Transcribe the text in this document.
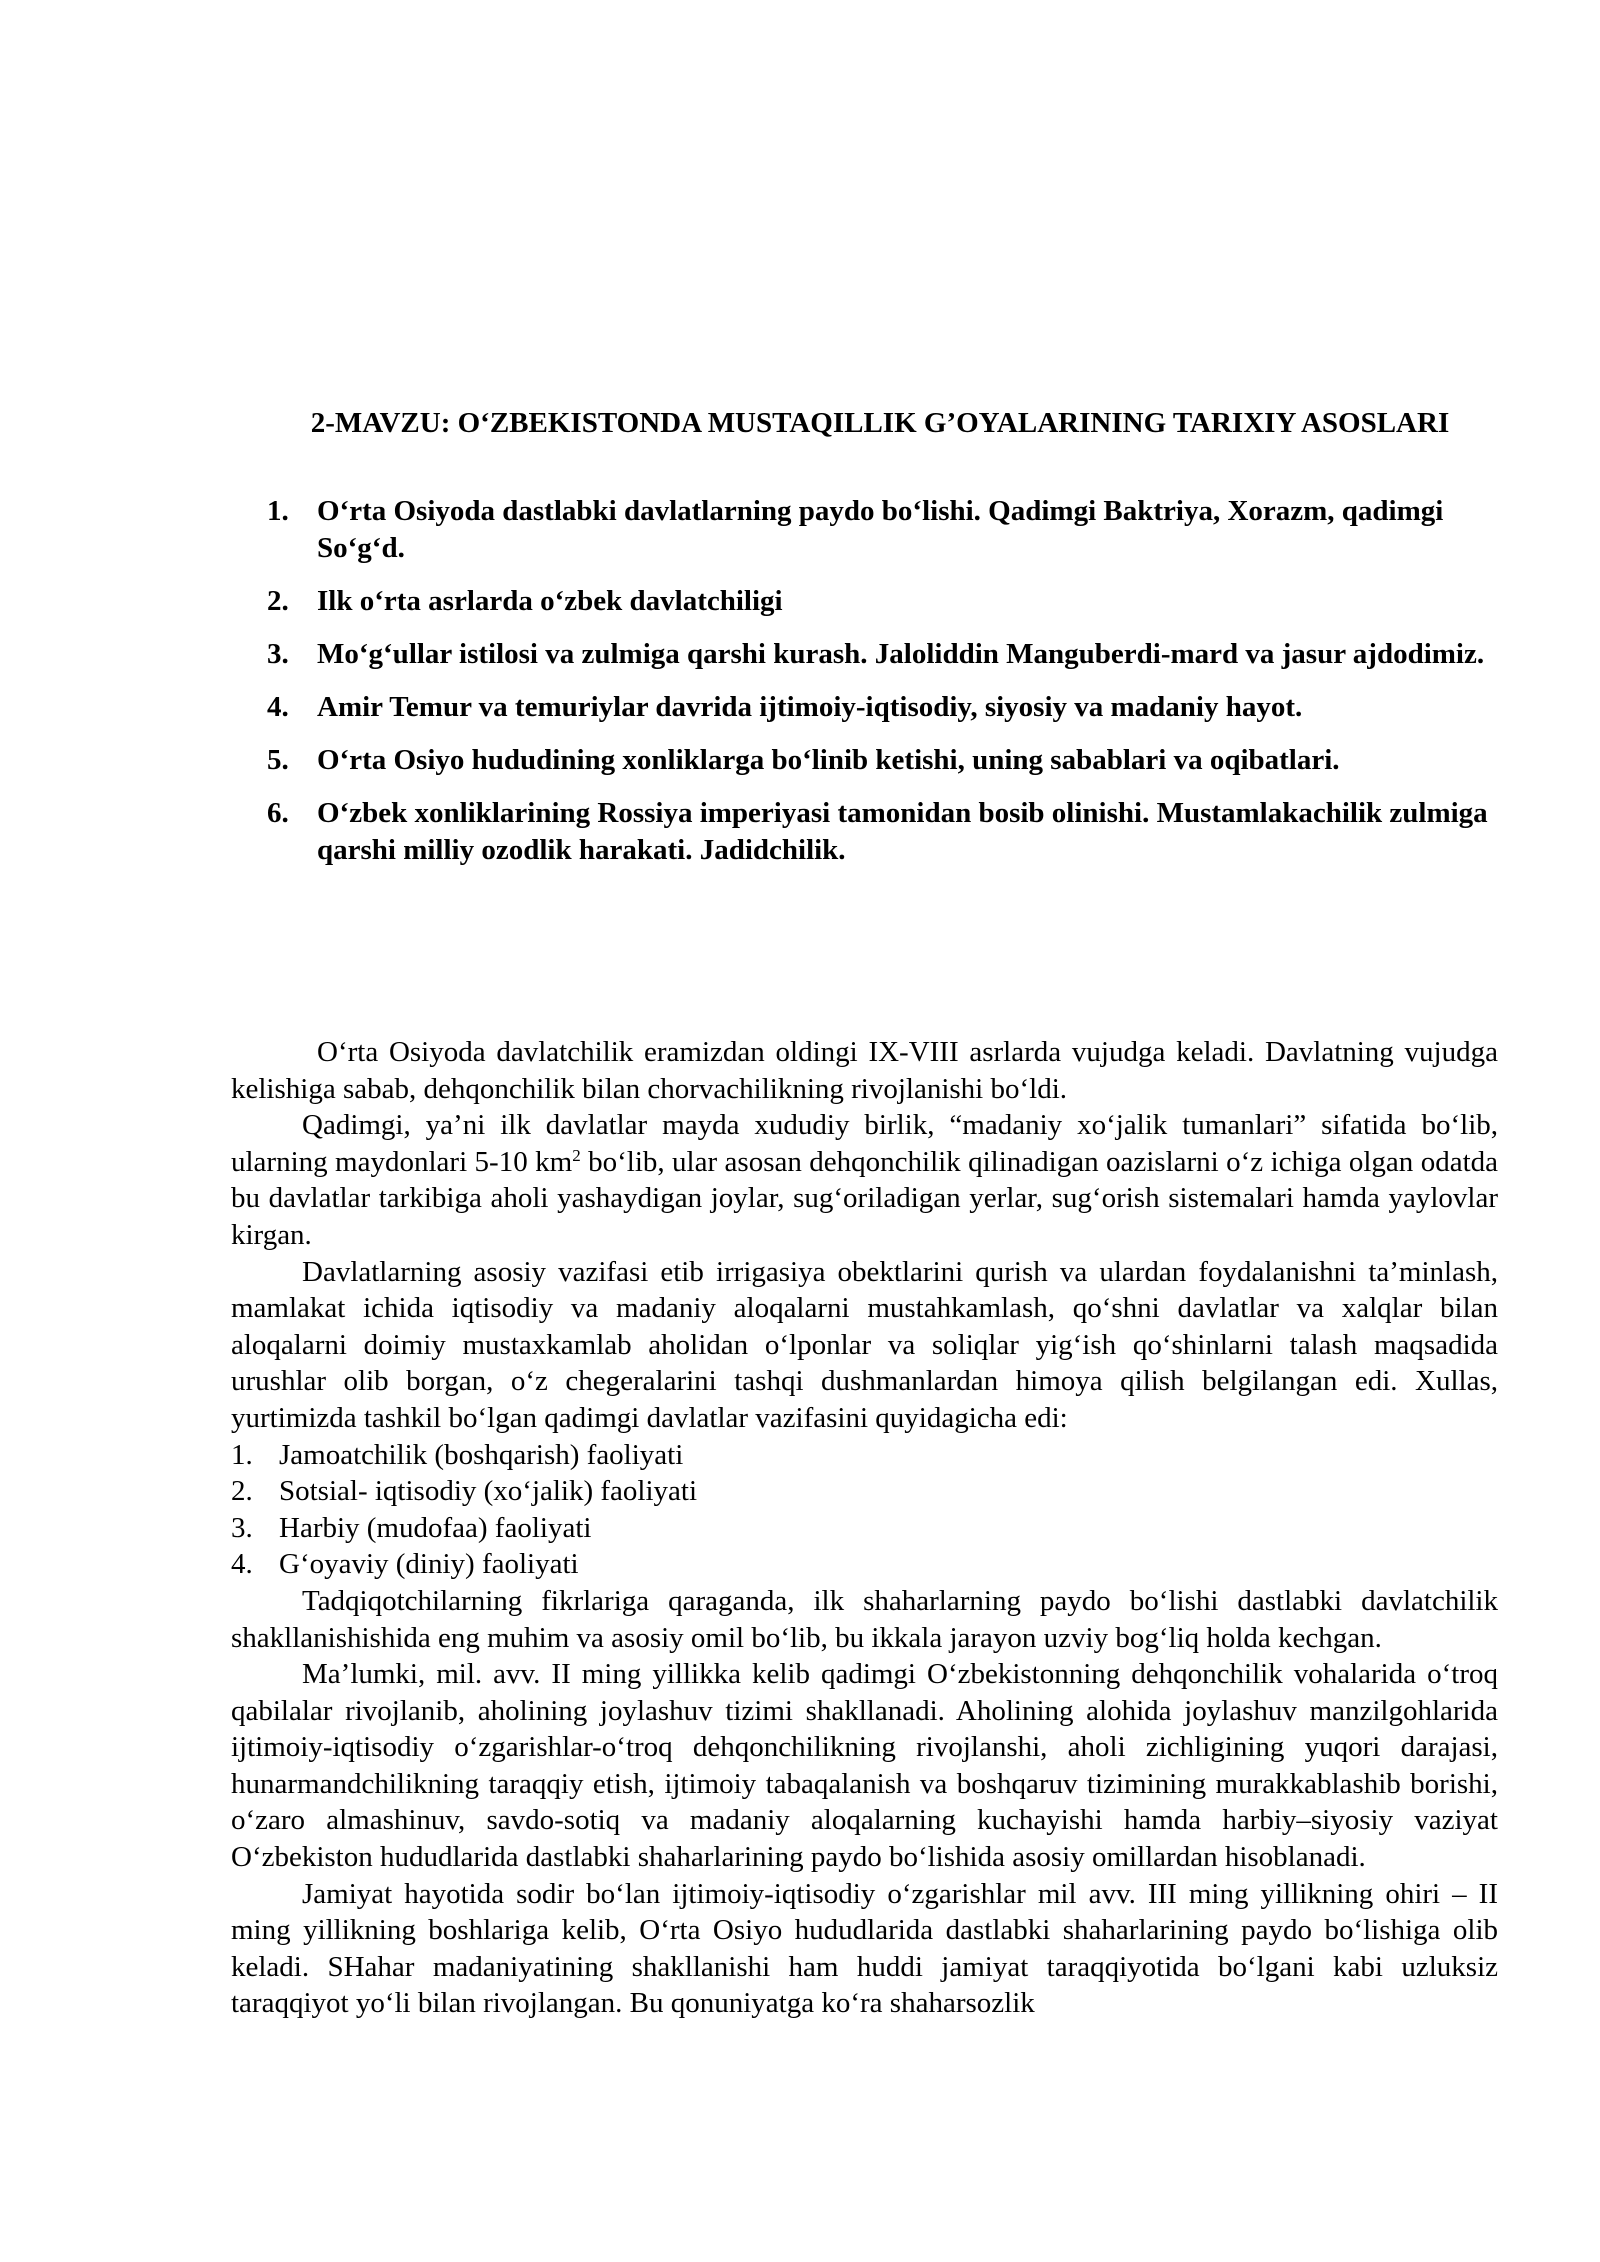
2-MAVZU: O‘ZBEKISTONDA MUSTAQILLIK G’OYALARINING TARIXIY ASOSLARI
1. O‘rta Osiyoda dastlabki davlatlarning paydo bo‘lishi. Qadimgi Baktriya, Xorazm, qadimgi So‘g‘d.
2. Ilk o‘rta asrlarda o‘zbek davlatchiligi
3. Mo‘g‘ullar istilosi va zulmiga qarshi kurash. Jaloliddin Manguberdi-mard va jasur ajdodimiz.
4. Amir Temur va temuriylar davrida ijtimoiy-iqtisodiy, siyosiy va madaniy hayot.
5. O‘rta Osiyo hududining xonliklarga bo‘linib ketishi, uning sabablari va oqibatlari.
6. O‘zbek xonliklarining Rossiya imperiyasi tamonidan bosib olinishi. Mustamlakachilik zulmiga qarshi milliy ozodlik harakati. Jadidchilik.

O‘rta Osiyoda davlatchilik eramizdan oldingi IX-VIII asrlarda vujudga keladi. Davlatning vujudga kelishiga sabab, dehqonchilik bilan chorvachilikning rivojlanishi bo‘ldi.

Qadimgi, ya’ni ilk davlatlar mayda xududiy birlik, “madaniy xo‘jalik tumanlari” sifatida bo‘lib, ularning maydonlari 5-10 $km^2$ bo‘lib, ular asosan dehqonchilik qilinadigan oazislarni o‘z ichiga olgan odatda bu davlatlar tarkibiga aholi yashaydigan joylar, sug‘oriladigan yerlar, sug‘orish sistemalari hamda yaylovlar kirgan.

Davlatlarning asosiy vazifasi etib irrigasiya obektlarini qurish va ulardan foydalanishni ta’minlash, mamlakat ichida iqtisodiy va madaniy aloqalarni mustahkamlash, qo‘shni davlatlar va xalqlar bilan aloqalarni doimiy mustaxkamlab aholidan o‘lponlar va soliqlar yig‘ish qo‘shinlarni talash maqsadida urushlar olib borgan, o‘z chegeralarini tashqi dushmanlardan himoya qilish belgilangan edi. Xullas, yurtimizda tashkil bo‘lgan qadimgi davlatlar vazifasini quyidagicha edi:

1. Jamoatchilik (boshqarish) faoliyati
2. Sotsial- iqtisodiy (xo‘jalik) faoliyati
3. Harbiy (mudofaa) faoliyati
4. G‘oyaviy (diniy) faoliyati

Tadqiqotchilarning fikrlariga qaraganda, ilk shaharlarning paydo bo‘lishi dastlabki davlatchilik shakllanishishida eng muhim va asosiy omil bo‘lib, bu ikkala jarayon uzviy bog‘liq holda kechgan.

Ma’lumki, mil. avv. II ming yillikka kelib qadimgi O‘zbekistonning dehqonchilik vohalarida o‘troq qabilalar rivojlanib, aholining joylashuv tizimi shakllanadi. Aholining alohida joylashuv manzilgohlarida ijtimoiy-iqtisodiy o‘zgarishlar-o‘troq dehqonchilikning rivojlanshi, aholi zichligining yuqori darajasi, hunarmandchilikning taraqqiy etish, ijtimoiy tabaqalanish va boshqaruv tizimining murakkablashib borishi, o‘zaro almashinuv, savdo-sotiq va madaniy aloqalarning kuchayishi hamda harbiy–siyosiy vaziyat O‘zbekiston hududlarida dastlabki shaharlarining paydo bo‘lishida asosiy omillardan hisoblanadi.

Jamiyat hayotida sodir bo‘lan ijtimoiy-iqtisodiy o‘zgarishlar mil avv. III ming yillikning ohiri – II ming yillikning boshlariga kelib, O‘rta Osiyo hududlarida dastlabki shaharlarining paydo bo‘lishiga olib keladi. SHahar madaniyatining shakllanishi ham huddi jamiyat taraqqiyotida bo‘lgani kabi uzluksiz taraqqiyot yo‘li bilan rivojlangan. Bu qonuniyatga ko‘ra shaharsozlik
